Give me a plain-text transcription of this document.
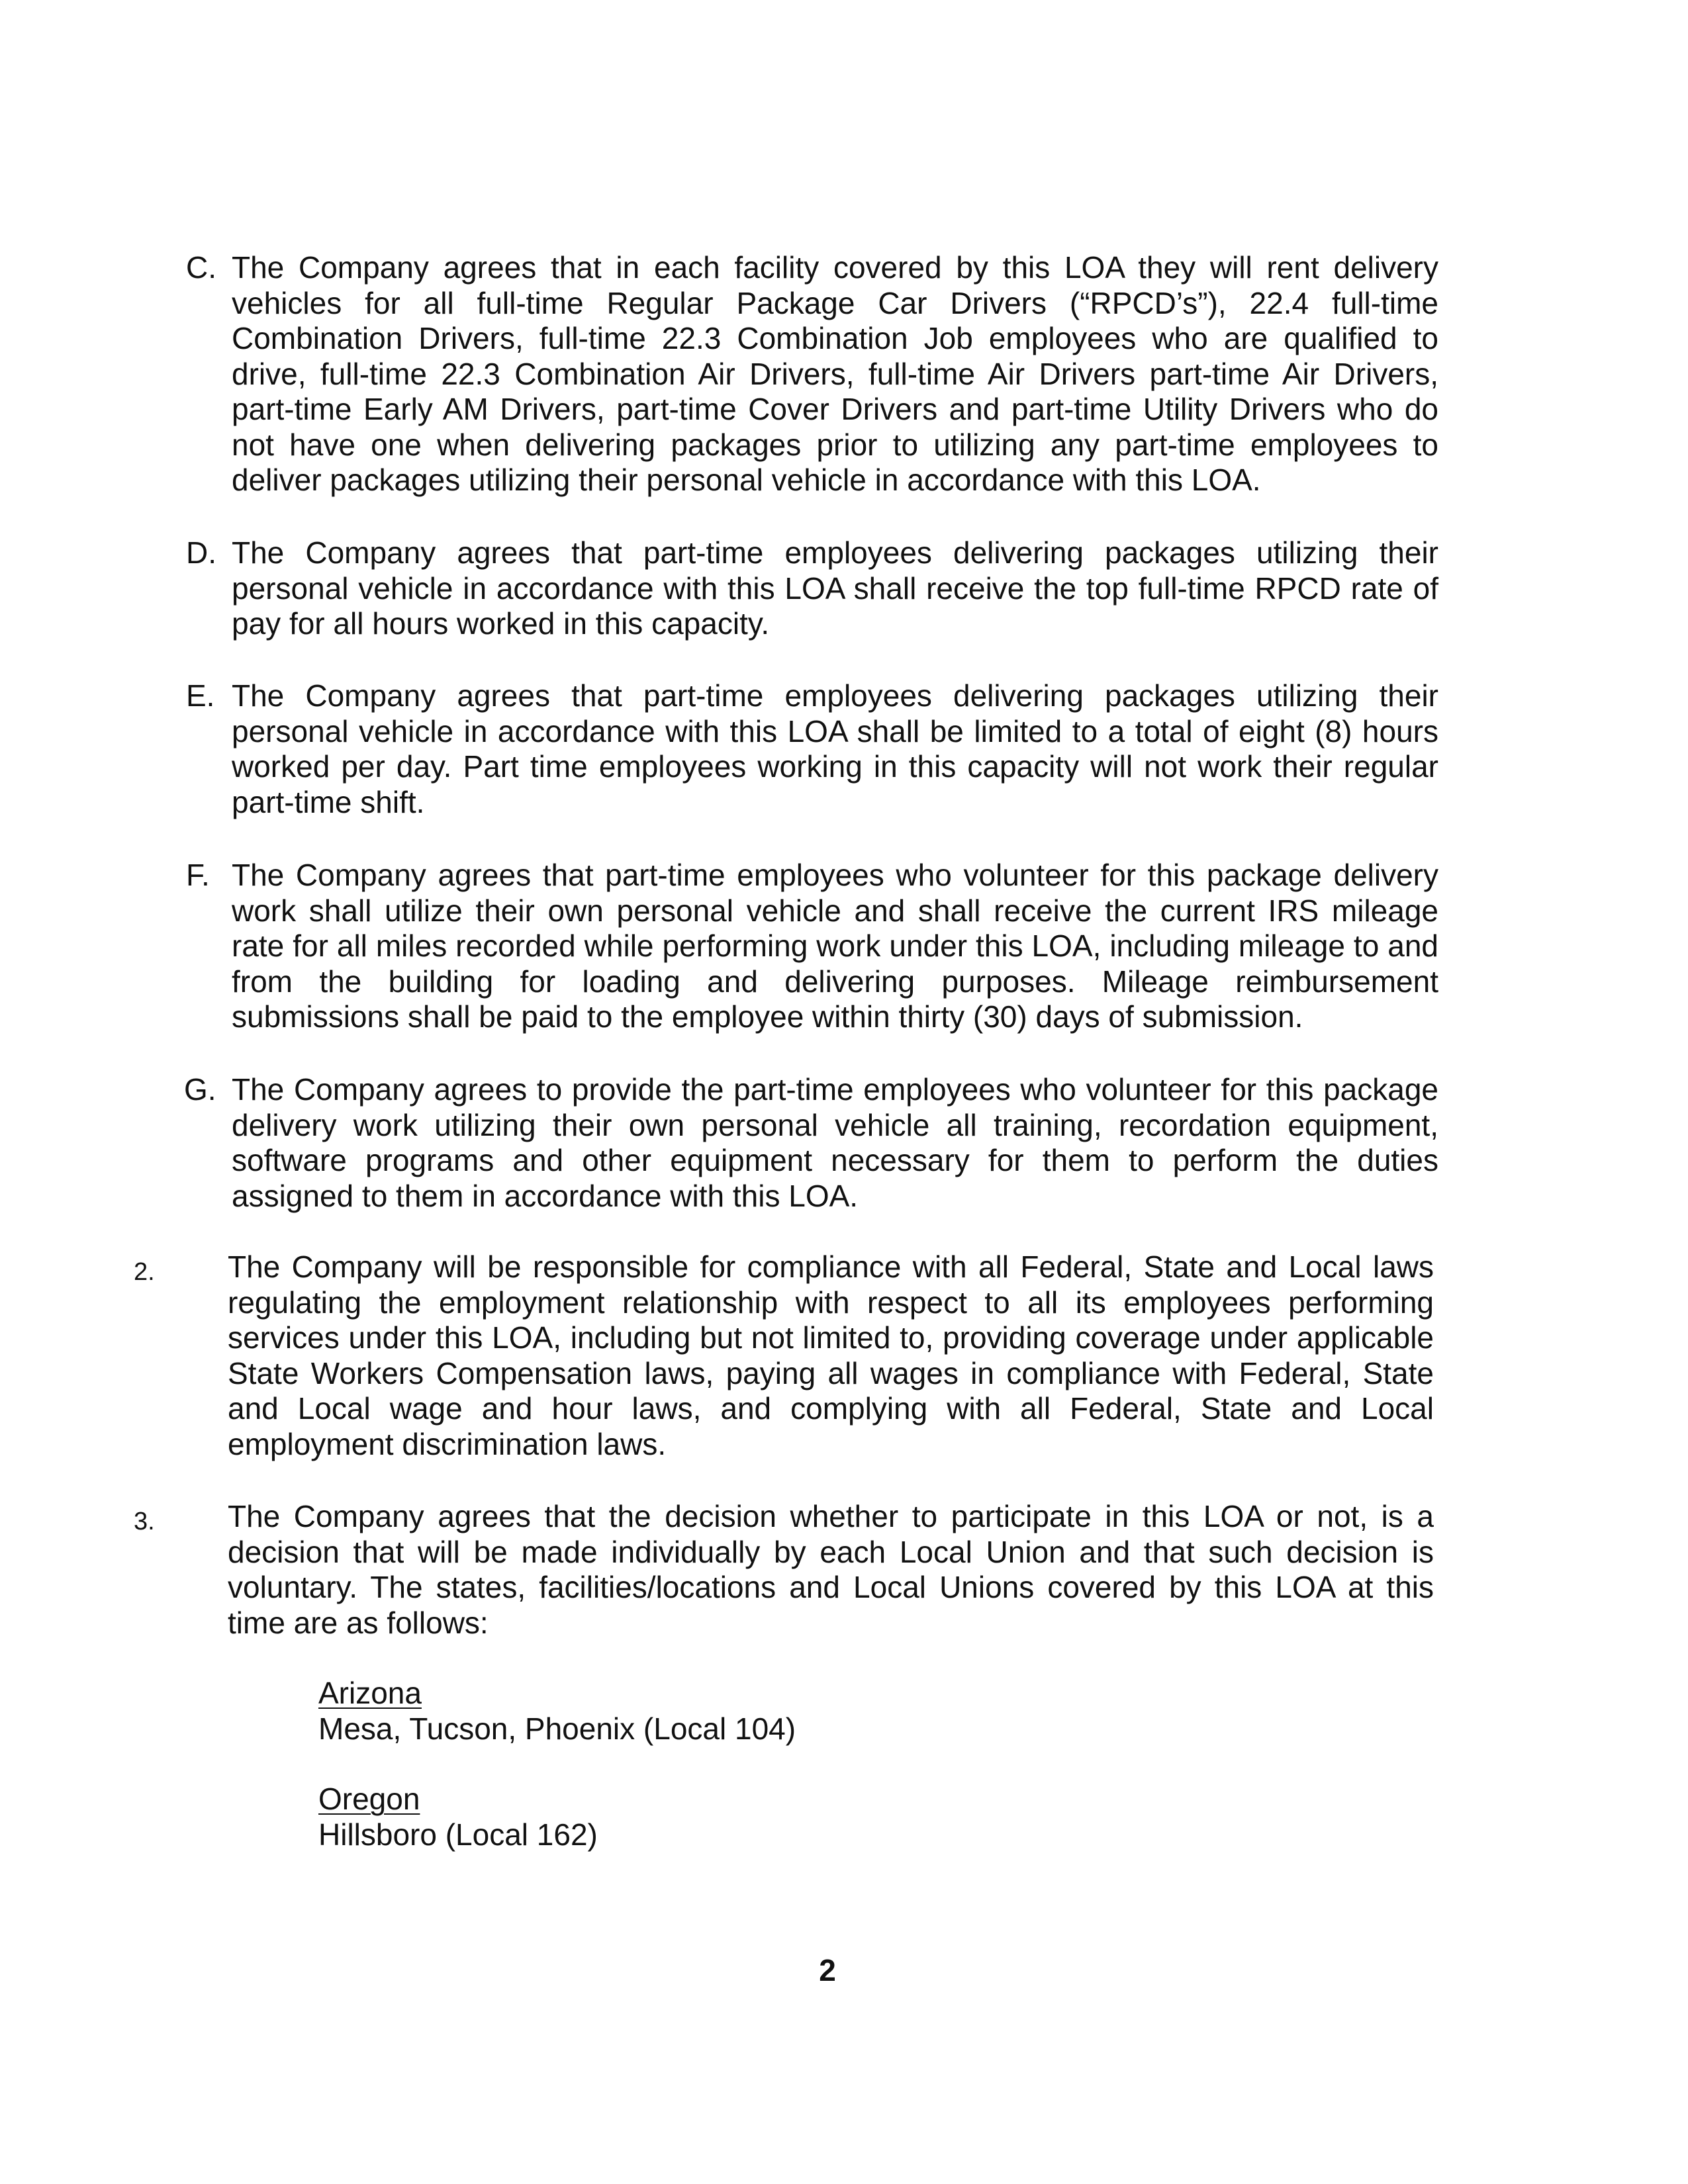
C. The Company agrees that in each facility covered by this LOA they will rent delivery vehicles for all full-time Regular Package Car Drivers (“RPCD’s”), 22.4 full-time Combination Drivers, full-time 22.3 Combination Job employees who are qualified to drive, full-time 22.3 Combination Air Drivers, full-time Air Drivers part-time Air Drivers, part-time Early AM Drivers, part-time Cover Drivers and part-time Utility Drivers who do not have one when delivering packages prior to utilizing any part-time employees to deliver packages utilizing their personal vehicle in accordance with this LOA.
D. The Company agrees that part-time employees delivering packages utilizing their personal vehicle in accordance with this LOA shall receive the top full-time RPCD rate of pay for all hours worked in this capacity.
E. The Company agrees that part-time employees delivering packages utilizing their personal vehicle in accordance with this LOA shall be limited to a total of eight (8) hours worked per day. Part time employees working in this capacity will not work their regular part-time shift.
F. The Company agrees that part-time employees who volunteer for this package delivery work shall utilize their own personal vehicle and shall receive the current IRS mileage rate for all miles recorded while performing work under this LOA, including mileage to and from the building for loading and delivering purposes. Mileage reimbursement submissions shall be paid to the employee within thirty (30) days of submission.
G. The Company agrees to provide the part-time employees who volunteer for this package delivery work utilizing their own personal vehicle all training, recordation equipment, software programs and other equipment necessary for them to perform the duties assigned to them in accordance with this LOA.
2. The Company will be responsible for compliance with all Federal, State and Local laws regulating the employment relationship with respect to all its employees performing services under this LOA, including but not limited to, providing coverage under applicable State Workers Compensation laws, paying all wages in compliance with Federal, State and Local wage and hour laws, and complying with all Federal, State and Local employment discrimination laws.
3. The Company agrees that the decision whether to participate in this LOA or not, is a decision that will be made individually by each Local Union and that such decision is voluntary. The states, facilities/locations and Local Unions covered by this LOA at this time are as follows:
Arizona
Mesa, Tucson, Phoenix (Local 104)
Oregon
Hillsboro (Local 162)
2
